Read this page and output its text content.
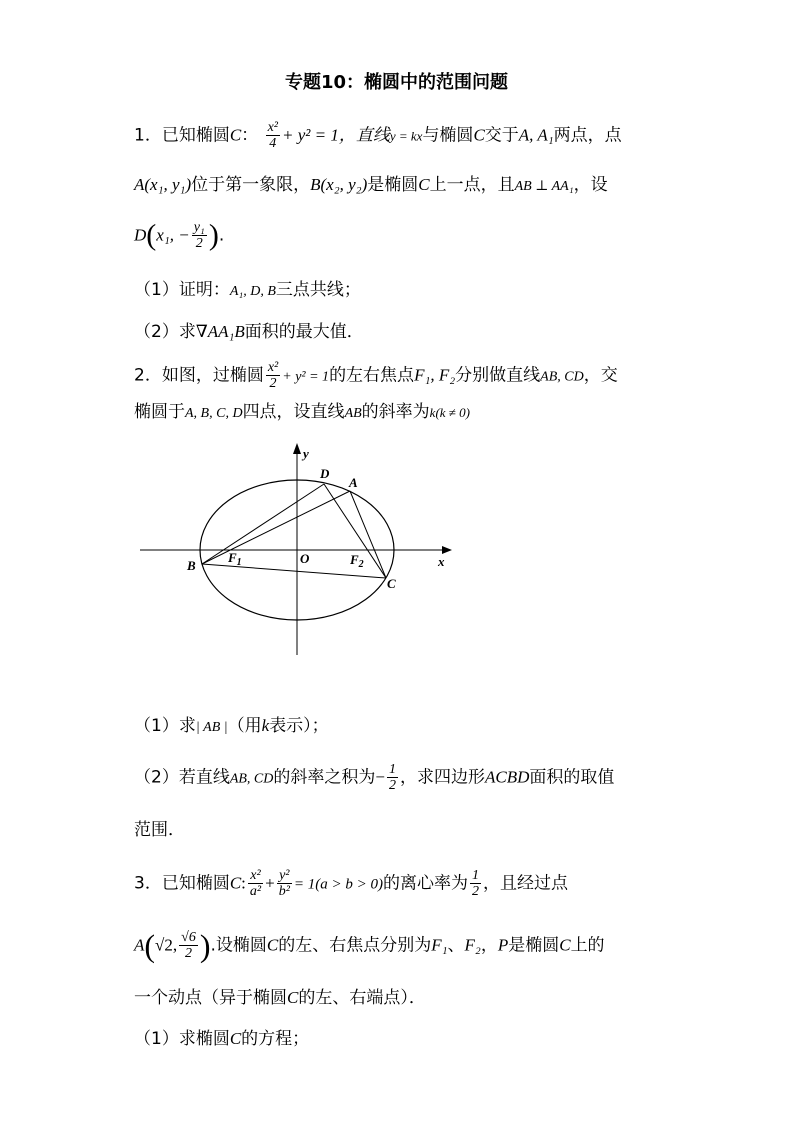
专题10：椭圆中的范围问题
1．已知椭圆C： $\frac{\text{x²}}{4} + y^2 = 1$，直线y = kx与椭圆C交于A, A₁两点，点
A(x₁, y₁)位于第一象限，B(x₂, y₂)是椭圆C上一点，且AB ⊥ AA₁，设
D(x₁, − $\frac{\text{y₁}}{2}$ ).
（1）证明：A₁, D, B三点共线；
（2）求∇AA₁B面积的最大值．
2．如图，过椭圆 $\frac{\text{x²}}{2} + y^2 = 1$的左右焦点F₁, F₂分别做直线AB, CD，交
椭圆于A, B, C, D四点，设直线AB的斜率为k(k ≠ 0)
y
x
D
A
B
C
O
$F_1$	$F_2$
（1）求| AB |（用k表示）；
（2）若直线AB, CD的斜率之积为− $\frac{1}{2}$ ，求四边形ACBD面积的取值
范围．
3．已知椭圆C: $\frac{\text{x²}}{\text{a²}} + \frac{\text{y²}}{\text{b²}} = 1(a > b > 0)$的离心率为 $\frac{1}{2}$ ，且经过点
A(√2, $\frac{√6}{2}$ ).设椭圆C的左、右焦点分别为F₁、F₂，P是椭圆C上的
一个动点（异于椭圆C的左、右端点）．
（1）求椭圆C的方程；
